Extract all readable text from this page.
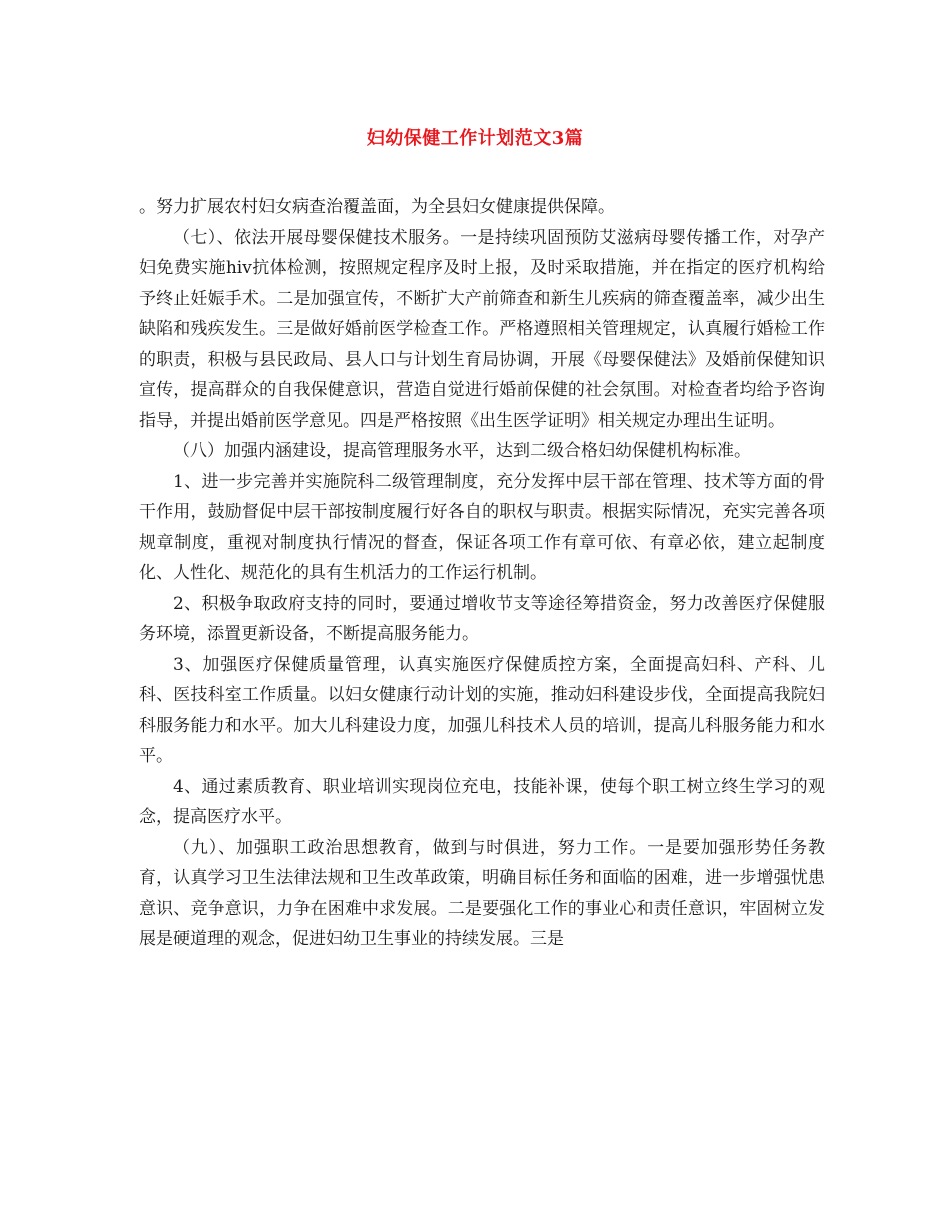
妇幼保健工作计划范文3篇

。努力扩展农村妇女病查治覆盖面，为全县妇女健康提供保障。

（七）、依法开展母婴保健技术服务。一是持续巩固预防艾滋病母婴传播工作，对孕产妇免费实施hiv抗体检测，按照规定程序及时上报，及时采取措施，并在指定的医疗机构给予终止妊娠手术。二是加强宣传，不断扩大产前筛查和新生儿疾病的筛查覆盖率，减少出生缺陷和残疾发生。三是做好婚前医学检查工作。严格遵照相关管理规定，认真履行婚检工作的职责，积极与县民政局、县人口与计划生育局协调，开展《母婴保健法》及婚前保健知识宣传，提高群众的自我保健意识，营造自觉进行婚前保健的社会氛围。对检查者均给予咨询指导，并提出婚前医学意见。四是严格按照《出生医学证明》相关规定办理出生证明。

（八）加强内涵建设，提高管理服务水平，达到二级合格妇幼保健机构标准。

1、进一步完善并实施院科二级管理制度，充分发挥中层干部在管理、技术等方面的骨干作用，鼓励督促中层干部按制度履行好各自的职权与职责。根据实际情况，充实完善各项规章制度，重视对制度执行情况的督查，保证各项工作有章可依、有章必依，建立起制度化、人性化、规范化的具有生机活力的工作运行机制。

2、积极争取政府支持的同时，要通过增收节支等途径筹措资金，努力改善医疗保健服务环境，添置更新设备，不断提高服务能力。

3、加强医疗保健质量管理，认真实施医疗保健质控方案，全面提高妇科、产科、儿科、医技科室工作质量。以妇女健康行动计划的实施，推动妇科建设步伐，全面提高我院妇科服务能力和水平。加大儿科建设力度，加强儿科技术人员的培训，提高儿科服务能力和水平。

4、通过素质教育、职业培训实现岗位充电，技能补课，使每个职工树立终生学习的观念，提高医疗水平。

（九）、加强职工政治思想教育，做到与时俱进，努力工作。一是要加强形势任务教育，认真学习卫生法律法规和卫生改革政策，明确目标任务和面临的困难，进一步增强忧患意识、竞争意识，力争在困难中求发展。二是要强化工作的事业心和责任意识，牢固树立发展是硬道理的观念，促进妇幼卫生事业的持续发展。三是
